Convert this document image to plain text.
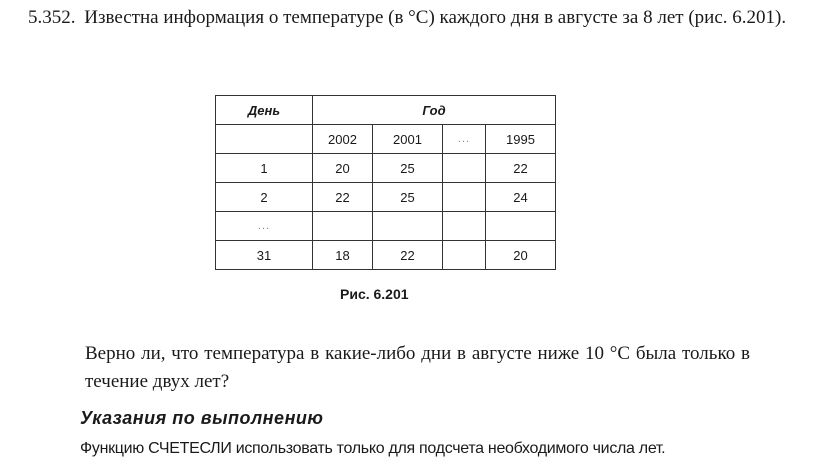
5.352. Известна информация о температуре (в °С) каждого дня в августе за 8 лет (рис. 6.201).

День	Год			
	2002	2001	...	1995
1	20	25		22
2	22	25		24
...				
31	18	22		20
Рис. 6.201

Верно ли, что температура в какие-либо дни в августе ниже 10 °С была только в течение двух лет?

Указания по выполнению
Функцию СЧЕТЕСЛИ использовать только для подсчета необходимого числа лет.
